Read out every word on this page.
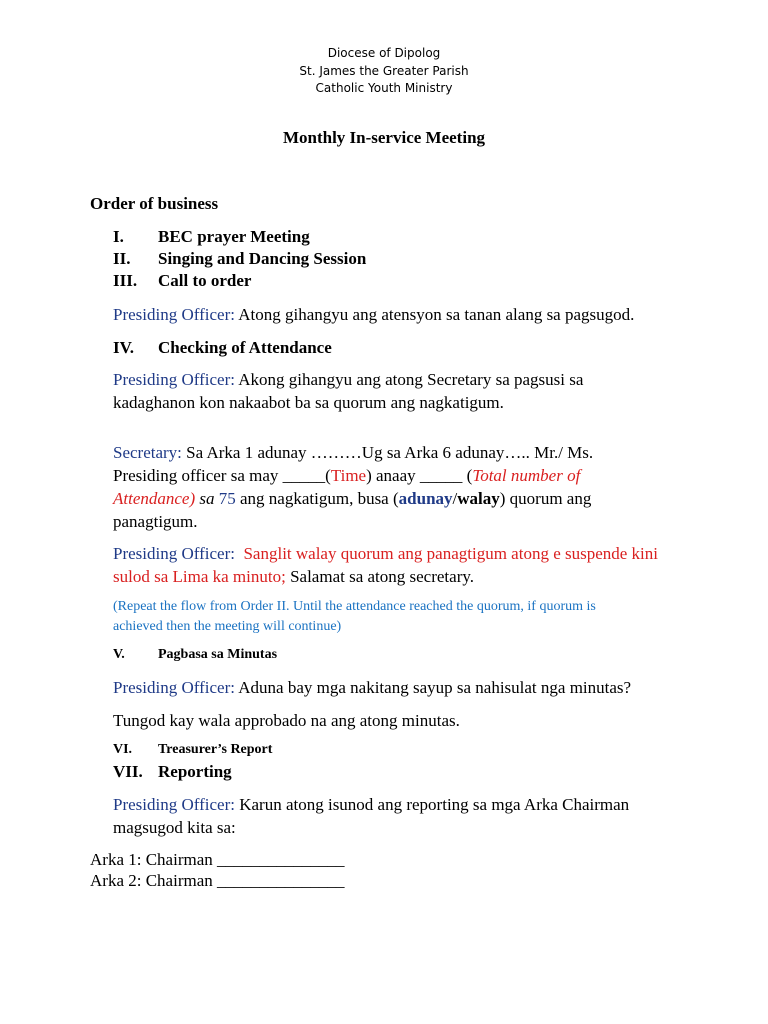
Diocese of Dipolog
St. James the Greater Parish
Catholic Youth Ministry
Monthly In-service Meeting
Order of business
I. BEC prayer Meeting
II. Singing and Dancing Session
III. Call to order
Presiding Officer: Atong gihangyu ang atensyon sa tanan alang sa pagsugod.
IV. Checking of Attendance
Presiding Officer: Akong gihangyu ang atong Secretary sa pagsusi sa
kadaghanon kon nakaabot ba sa quorum ang nagkatigum.
Secretary: Sa Arka 1 adunay ………Ug sa Arka 6 adunay….. Mr./ Ms.
Presiding officer sa may _____(Time) anaay _____ (Total number of
Attendance) sa 75 ang nagkatigum, busa (adunay/walay) quorum ang
panagtigum.
Presiding Officer: Sanglit walay quorum ang panagtigum atong e suspende kini
sulod sa Lima ka minuto; Salamat sa atong secretary.
(Repeat the flow from Order II. Until the attendance reached the quorum, if quorum is
achieved then the meeting will continue)
V. Pagbasa sa Minutas
Presiding Officer: Aduna bay mga nakitang sayup sa nahisulat nga minutas?
Tungod kay wala approbado na ang atong minutas.
VI. Treasurer’s Report
VII. Reporting
Presiding Officer: Karun atong isunod ang reporting sa mga Arka Chairman
magsugod kita sa:
Arka 1: Chairman _______________
Arka 2: Chairman _______________
